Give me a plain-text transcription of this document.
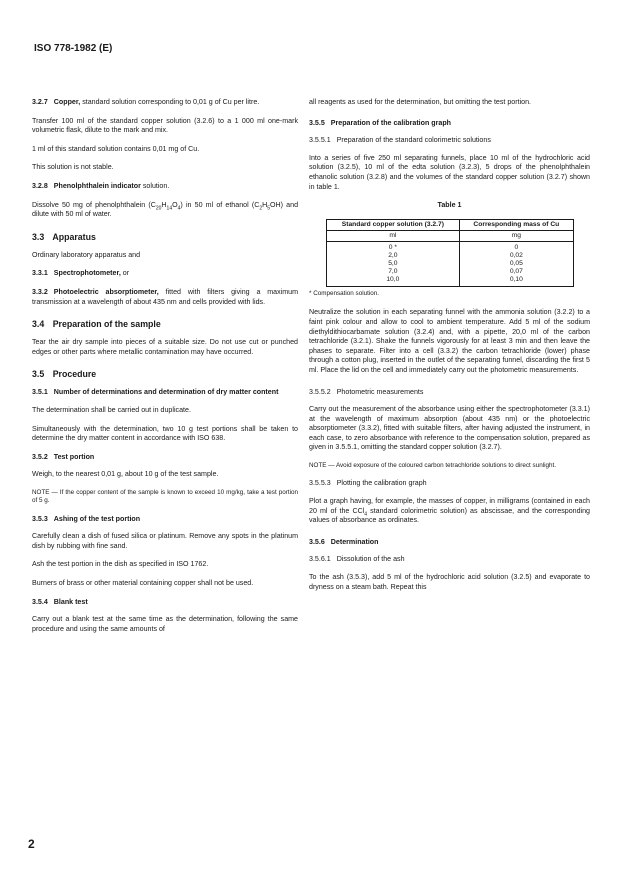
ISO 778-1982 (E)

3.2.7 Copper, standard solution corresponding to 0,01 g of Cu per litre.

Transfer 100 ml of the standard copper solution (3.2.6) to a 1 000 ml one-mark volumetric flask, dilute to the mark and mix.

1 ml of this standard solution contains 0,01 mg of Cu.

This solution is not stable.

3.2.8 Phenolphthalein indicator solution.

Dissolve 50 mg of phenolphthalein $(C_{20}H_{14}O_4)$ in 50 ml of ethanol $(C_2H_5OH)$ and dilute with 50 ml of water.

3.3 Apparatus

Ordinary laboratory apparatus and

3.3.1 Spectrophotometer, or

3.3.2 Photoelectric absorptiometer, fitted with filters giving a maximum transmission at a wavelength of about 435 nm and cells provided with lids.

3.4 Preparation of the sample

Tear the air dry sample into pieces of a suitable size. Do not use cut or punched edges or other parts where metallic contamination may have occurred.

3.5 Procedure
3.5.1 Number of determinations and determination of dry matter content

The determination shall be carried out in duplicate.

Simultaneously with the determination, two 10 g test portions shall be taken to determine the dry matter content in accordance with ISO 638.

3.5.2 Test portion

Weigh, to the nearest 0,01 g, about 10 g of the test sample.

NOTE — If the copper content of the sample is known to exceed 10 mg/kg, take a test portion of 5 g.

3.5.3 Ashing of the test portion

Carefully clean a dish of fused silica or platinum. Remove any spots in the platinum dish by rubbing with fine sand.

Ash the test portion in the dish as specified in ISO 1762.

Burners of brass or other material containing copper shall not be used.

3.5.4 Blank test

Carry out a blank test at the same time as the determination, following the same procedure and using the same amounts of

all reagents as used for the determination, but omitting the test portion.

3.5.5 Preparation of the calibration graph
3.5.5.1 Preparation of the standard colorimetric solutions

Into a series of five 250 ml separating funnels, place 10 ml of the hydrochloric acid solution (3.2.5), 10 ml of the edta solution (3.2.3), 5 drops of the phenolphthalein ethanolic solution (3.2.8) and the volumes of the standard copper solution (3.2.7) shown in table 1.

Table 1
Standard copper solution (3.2.7)	Corresponding mass of Cu
ml	mg
0 *	0
2,0	0,02
5,0	0,05
7,0	0,07
10,0	0,10
* Compensation solution.

Neutralize the solution in each separating funnel with the ammonia solution (3.2.2) to a faint pink colour and allow to cool to ambient temperature. Add 5 ml of the sodium diethyldithiocarbamate solution (3.2.4) and, with a pipette, 20,0 ml of the carbon tetrachloride (3.2.1). Shake the funnels vigorously for at least 3 min and then leave the phases to separate. Filter into a cell (3.3.2) the carbon tetrachloride (lower) phase through a cotton plug, inserted in the outlet of the separating funnel, discarding the first 5 ml. Place the lid on the cell and immediately carry out the photometric measurements.

3.5.5.2 Photometric measurements

Carry out the measurement of the absorbance using either the spectrophotometer (3.3.1) at the wavelength of maximum absorption (about 435 nm) or the photoelectric absorptiometer (3.3.2), fitted with suitable filters, after having adjusted the instrument, in each case, to zero absorbance with reference to the compensation solution, prepared as given in 3.5.5.1, omitting the standard copper solution (3.2.7).

NOTE — Avoid exposure of the coloured carbon tetrachloride solutions to direct sunlight.

3.5.5.3 Plotting the calibration graph

Plot a graph having, for example, the masses of copper, in milligrams (contained in each 20 ml of the CCl$_4$ standard colorimetric solution) as abscissae, and the corresponding values of absorbance as ordinates.

3.5.6 Determination
3.5.6.1 Dissolution of the ash

To the ash (3.5.3), add 5 ml of the hydrochloric acid solution (3.2.5) and evaporate to dryness on a steam bath. Repeat this

2
